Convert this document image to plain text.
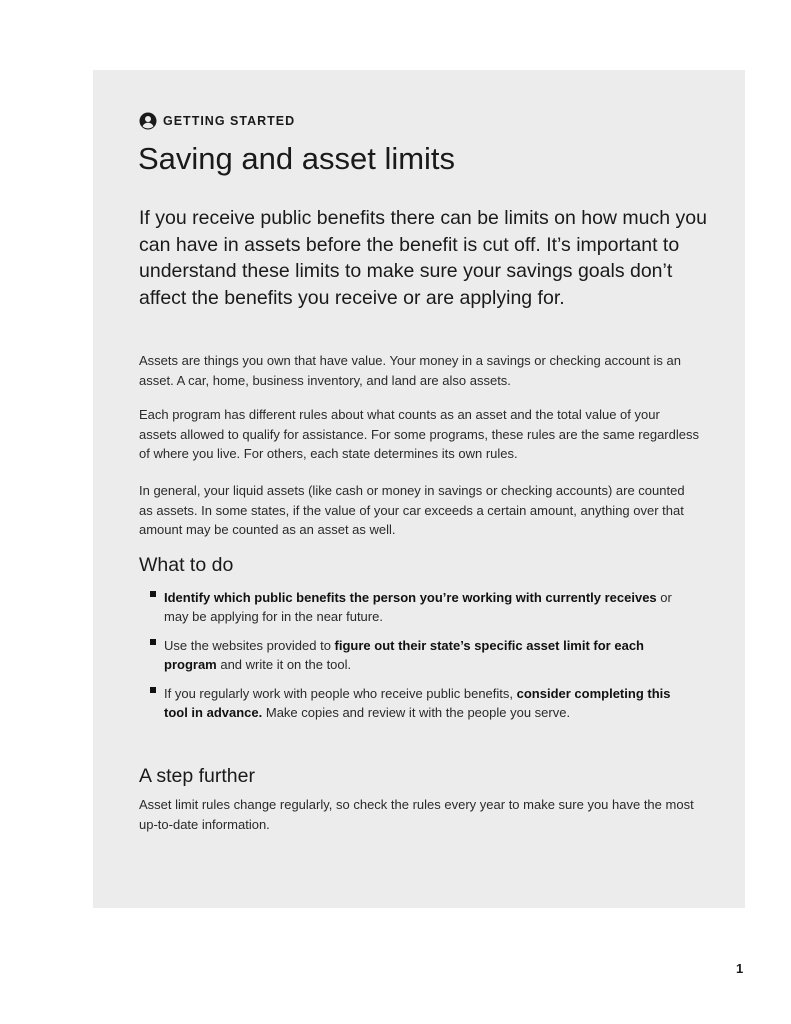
GETTING STARTED
Saving and asset limits

If you receive public benefits there can be limits on how much you can have in assets before the benefit is cut off. It’s important to understand these limits to make sure your savings goals don’t affect the benefits you receive or are applying for.

Assets are things you own that have value. Your money in a savings or checking account is an asset. A car, home, business inventory, and land are also assets.

Each program has different rules about what counts as an asset and the total value of your assets allowed to qualify for assistance. For some programs, these rules are the same regardless of where you live. For others, each state determines its own rules.

In general, your liquid assets (like cash or money in savings or checking accounts) are counted as assets. In some states, if the value of your car exceeds a certain amount, anything over that amount may be counted as an asset as well.

What to do
Identify which public benefits the person you’re working with currently receives or may be applying for in the near future.
Use the websites provided to figure out their state’s specific asset limit for each program and write it on the tool.
If you regularly work with people who receive public benefits, consider completing this tool in advance. Make copies and review it with the people you serve.
A step further

Asset limit rules change regularly, so check the rules every year to make sure you have the most up-to-date information.

1
